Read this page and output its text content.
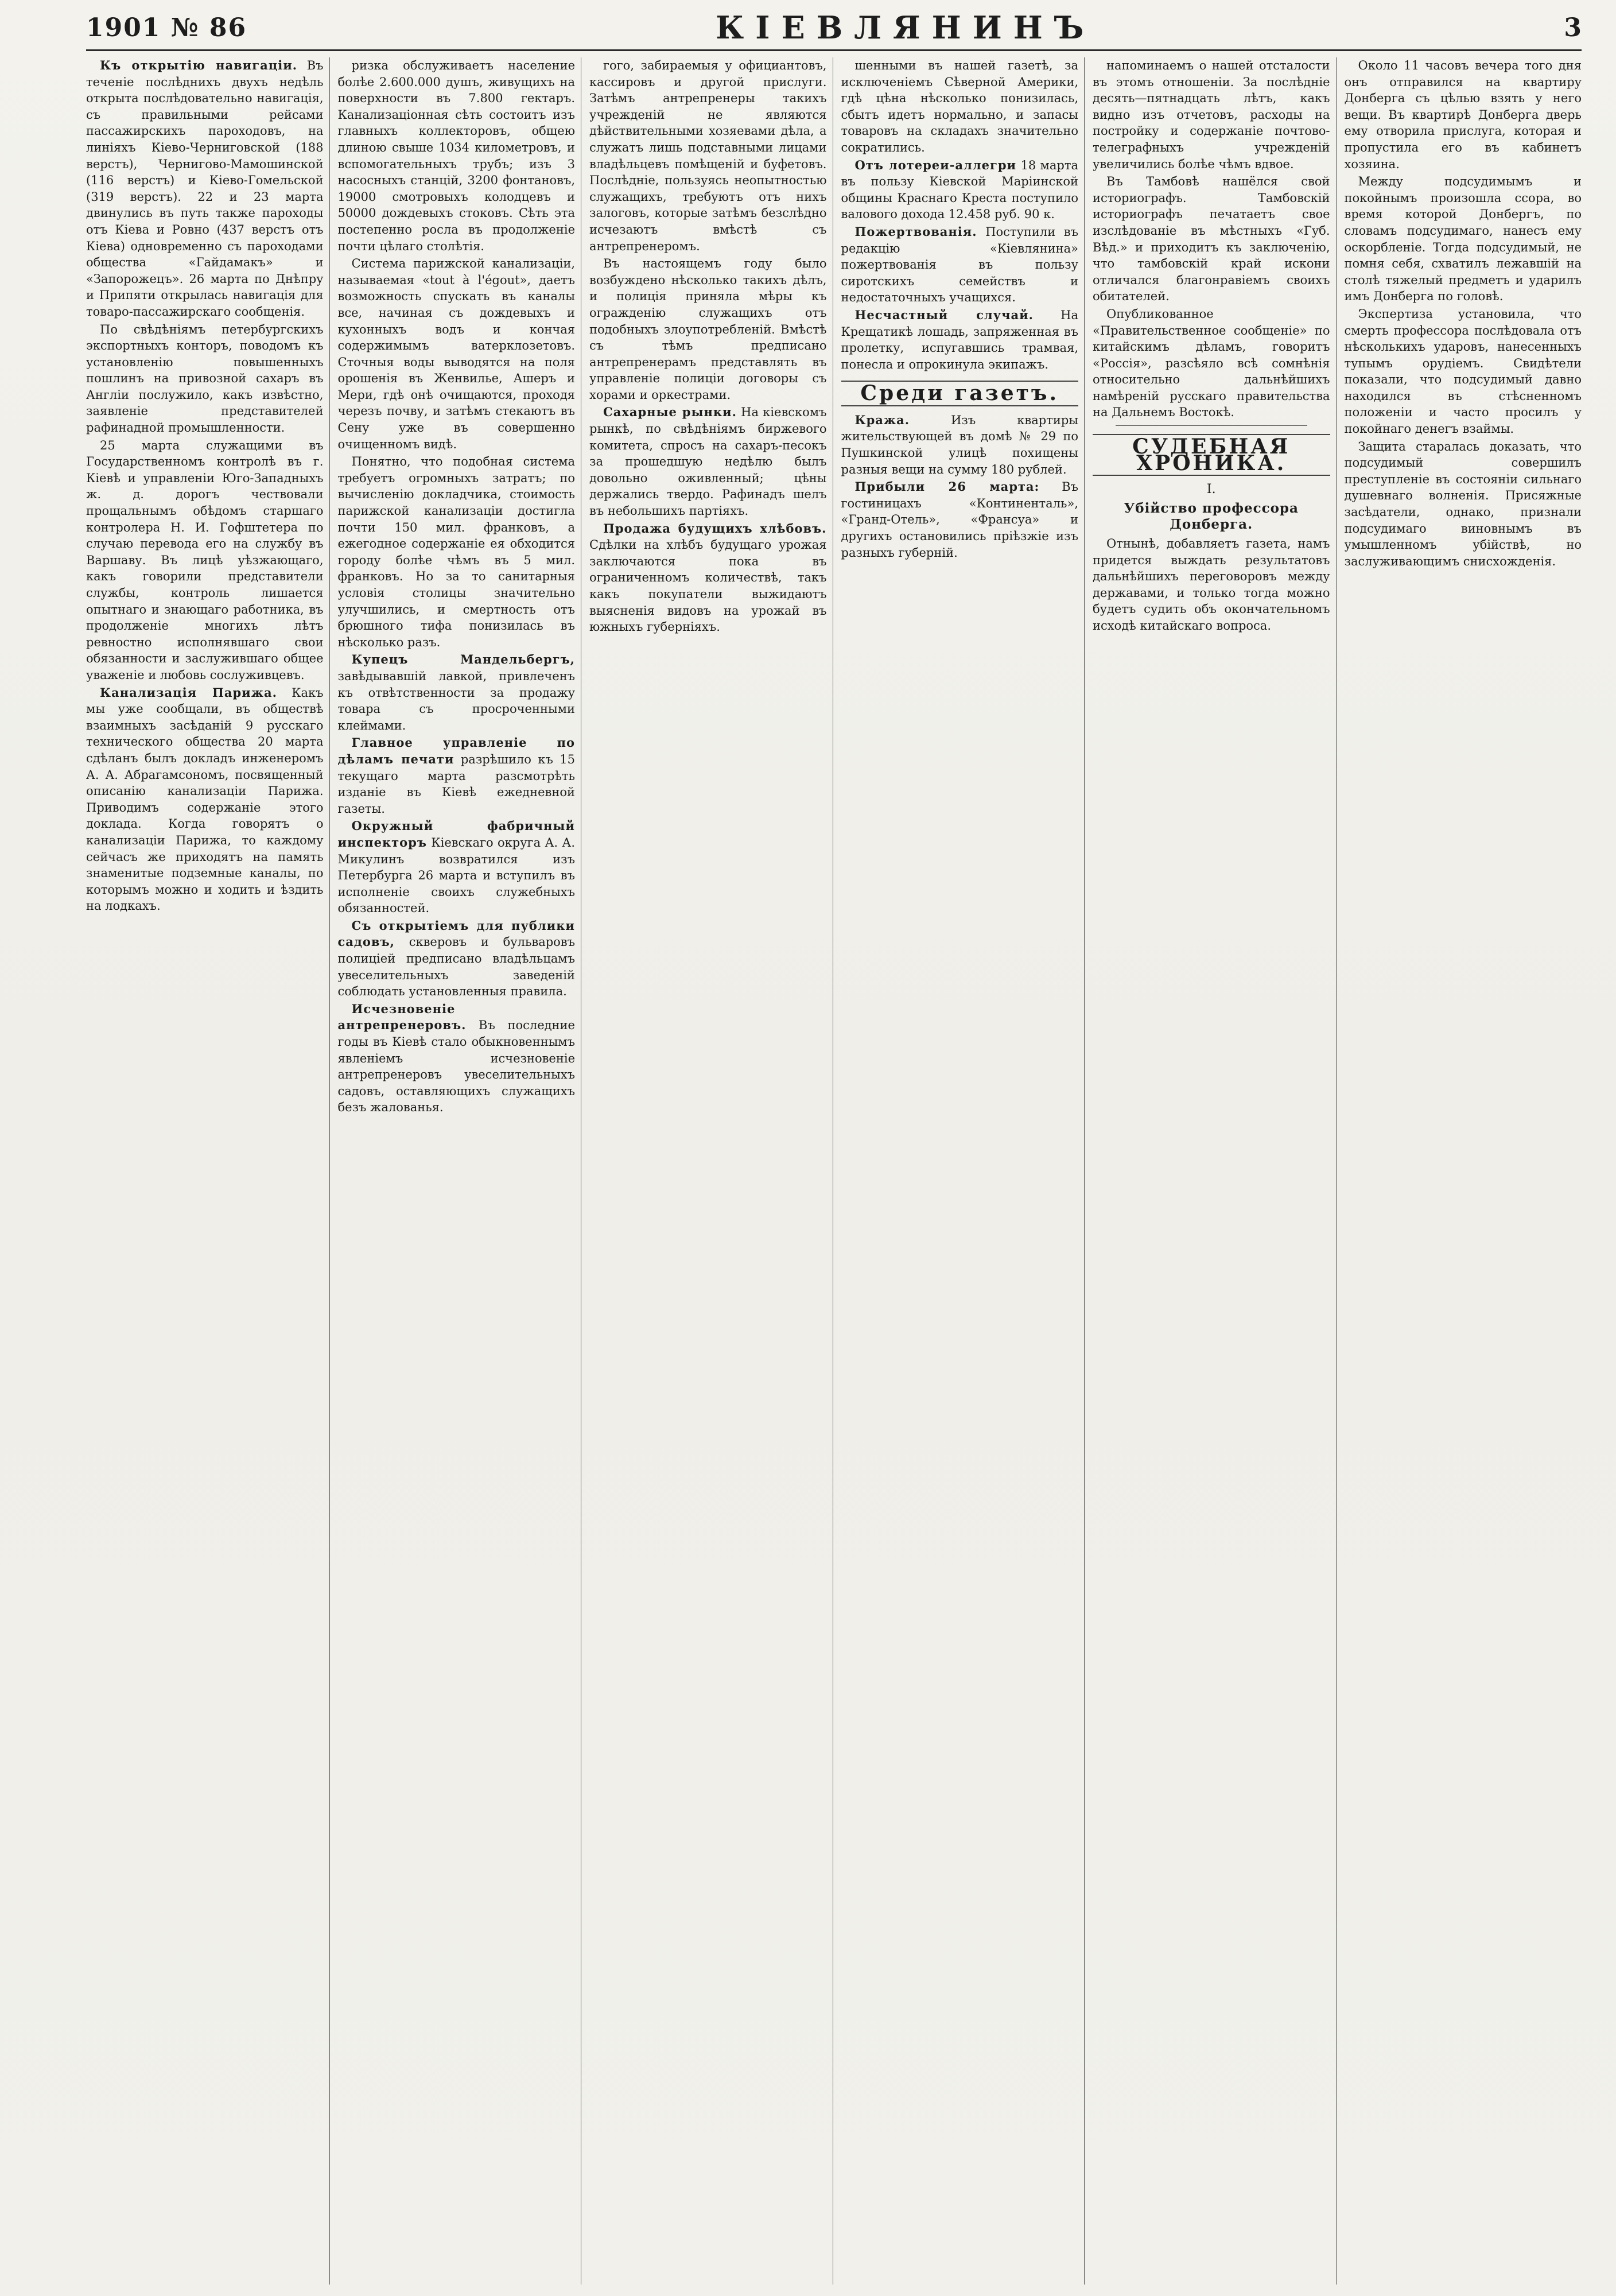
1901 № 86	КІЕВЛЯНИНЪ	3

Къ открытію навигаціи. Въ теченіе послѣднихъ двухъ недѣль открыта послѣдовательно навигація, съ правильными рейсами пассажирскихъ пароходовъ, на линіяхъ Кіево-Черниговской (188 верстъ), Чернигово-Мамошинской (116 верстъ) и Кіево-Гомельской (319 верстъ). 22 и 23 марта двинулись въ путь также пароходы отъ Кіева и Ровно (437 верстъ отъ Кіева) одновременно съ пароходами общества «Гайдамакъ» и «Запорожецъ». 26 марта по Днѣпру и Припяти открылась навигація для товаро-пассажирскаго сообщенія.

По свѣдѣніямъ петербургскихъ экспортныхъ конторъ, поводомъ къ установленію повышенныхъ пошлинъ на привозной сахаръ въ Англіи послужило, какъ извѣстно, заявленіе представителей рафинадной промышленности.

25 марта служащими въ Государственномъ контролѣ въ г. Кіевѣ и управленіи Юго-Западныхъ ж. д. дорогъ чествовали прощальнымъ обѣдомъ старшаго контролера Н. И. Гофштетера по случаю перевода его на службу въ Варшаву. Въ лицѣ уѣзжающаго, какъ говорили представители службы, контроль лишается опытнаго и знающаго работника, въ продолженіе многихъ лѣтъ ревностно исполнявшаго свои обязанности и заслужившаго общее уваженіе и любовь сослуживцевъ.

Канализація Парижа. Какъ мы уже сообщали, въ обществѣ взаимныхъ засѣданій 9 русскаго технического общества 20 марта сдѣланъ былъ докладъ инженеромъ А. А. Абрагамсономъ, посвященный описанію канализаціи Парижа. Приводимъ содержаніе этого доклада. Когда говорятъ о канализаціи Парижа, то каждому сейчасъ же приходятъ на память знаменитые подземные каналы, по которымъ можно и ходить и ѣздить на лодкахъ.

ризка обслуживаетъ население болѣе 2.600.000 душъ, живущихъ на поверхности въ 7.800 гектаръ. Канализаціонная сѣть состоитъ изъ главныхъ коллекторовъ, общею длиною свыше 1034 километровъ, и вспомогательныхъ трубъ; изъ 3 насосныхъ станцій, 3200 фонтановъ, 19000 смотровыхъ колодцевъ и 50000 дождевыхъ стоковъ. Сѣть эта постепенно росла въ продолженіе почти цѣлаго столѣтія.

Система парижской канализаціи, называемая «tout à l'égout», даетъ возможность спускать въ каналы все, начиная съ дождевыхъ и кухонныхъ водъ и кончая содержимымъ ватерклозетовъ. Сточныя воды выводятся на поля орошенія въ Женвилье, Ашеръ и Мери, гдѣ онѣ очищаются, проходя черезъ почву, и затѣмъ стекаютъ въ Сену уже въ совершенно очищенномъ видѣ.

Понятно, что подобная система требуетъ огромныхъ затратъ; по вычисленію докладчика, стоимость парижской канализаціи достигла почти 150 мил. франковъ, а ежегодное содержаніе ея обходится городу болѣе чѣмъ въ 5 мил. франковъ. Но за то санитарныя условія столицы значительно улучшились, и смертность отъ брюшного тифа понизилась въ нѣсколько разъ.

Купецъ Мандельбергъ, завѣдывавшій лавкой, привлеченъ къ отвѣтственности за продажу товара съ просроченными клеймами.

Главное управленіе по дѣламъ печати разрѣшило къ 15 текущаго марта разсмотрѣть изданіе въ Кіевѣ ежедневной газеты.

Окружный фабричный инспекторъ Кіевскаго округа А. А. Микулинъ возвратился изъ Петербурга 26 марта и вступилъ въ исполненіе своихъ служебныхъ обязанностей.

Съ открытіемъ для публики садовъ, скверовъ и бульваровъ полиціей предписано владѣльцамъ увеселительныхъ заведеній соблюдать установленныя правила.

Исчезновеніе антрепренеровъ. Въ последние годы въ Кіевѣ стало обыкновеннымъ явленіемъ исчезновеніе антрепренеровъ увеселительныхъ садовъ, оставляющихъ служащихъ безъ жалованья.

гого, забираемыя у официантовъ, кассировъ и другой прислуги. Затѣмъ антрепренеры такихъ учрежденій не являются дѣйствительными хозяевами дѣла, а служатъ лишь подставными лицами владѣльцевъ помѣщеній и буфетовъ. Послѣдніе, пользуясь неопытностью служащихъ, требуютъ отъ нихъ залоговъ, которые затѣмъ безслѣдно исчезаютъ вмѣстѣ съ антрепренеромъ.

Въ настоящемъ году было возбуждено нѣсколько такихъ дѣлъ, и полиція приняла мѣры къ огражденію служащихъ отъ подобныхъ злоупотребленій. Вмѣстѣ съ тѣмъ предписано антрепренерамъ представлять въ управленіе полиціи договоры съ хорами и оркестрами.

Сахарные рынки. На кіевскомъ рынкѣ, по свѣдѣніямъ биржевого комитета, спросъ на сахаръ-песокъ за прошедшую недѣлю былъ довольно оживленный; цѣны держались твердо. Рафинадъ шелъ въ небольшихъ партіяхъ.

Продажа будущихъ хлѣбовъ. Сдѣлки на хлѣбъ будущаго урожая заключаются пока въ ограниченномъ количествѣ, такъ какъ покупатели выжидаютъ выясненія видовъ на урожай въ южныхъ губерніяхъ.

шенными въ нашей газетѣ, за исключеніемъ Сѣверной Америки, гдѣ цѣна нѣсколько понизилась, сбытъ идетъ нормально, и запасы товаровъ на складахъ значительно сократились.

Отъ лотереи-аллегри 18 марта въ пользу Кіевской Маріинской общины Краснаго Креста поступило валового дохода 12.458 руб. 90 к.

Пожертвованія. Поступили въ редакцію «Кіевлянина» пожертвованія въ пользу сиротскихъ семействъ и недостаточныхъ учащихся.

Несчастный случай. На Крещатикѣ лошадь, запряженная въ пролетку, испугавшись трамвая, понесла и опрокинула экипажъ.

Среди газетъ.

Кража.	Изъ квартиры жительствующей въ домѣ № 29 по Пушкинской улицѣ похищены разныя вещи на сумму 180 рублей.

Прибыли 26 марта: Въ гостиницахъ «Континенталь», «Гранд-Отель», «Франсуа» и другихъ остановились пріѣзжіе изъ разныхъ губерній.

напоминаемъ о нашей отсталости въ этомъ отношеніи. За послѣдніе десять—пятнадцать лѣтъ, какъ видно изъ отчетовъ, расходы на постройку и содержаніе почтово-телеграфныхъ учрежденій увеличились болѣе чѣмъ вдвое.

Въ Тамбовѣ нашёлся свой историографъ. Тамбовскій историографъ печатаетъ свое изслѣдованіе въ мѣстныхъ «Губ. Вѣд.» и приходитъ къ заключенію, что тамбовскій край искони отличался благонравіемъ своихъ обитателей.

Опубликованное «Правительственное сообщеніе» по китайскимъ дѣламъ, говоритъ «Россія», разсѣяло всѣ сомнѣнія относительно дальнѣйшихъ намѣреній русскаго правительства на Дальнемъ Востокѣ.

СУДЕБНАЯ ХРОНИКА.
I.
Убійство профессора Донберга.

Отнынѣ, добавляетъ газета, намъ придется выждать результатовъ дальнѣйшихъ переговоровъ между державами, и только тогда можно будетъ судить объ окончательномъ исходѣ китайскаго вопроса.

Около 11 часовъ вечера того дня онъ отправился на квартиру Донберга съ цѣлью взять у него вещи. Въ квартирѣ Донберга дверь ему отворила прислуга, которая и пропустила его въ кабинетъ хозяина.

Между подсудимымъ и покойнымъ произошла ссора, во время которой Донбергъ, по словамъ подсудимаго, нанесъ ему оскорбленіе. Тогда подсудимый, не помня себя, схватилъ лежавшій на столѣ тяжелый предметъ и ударилъ имъ Донберга по головѣ.

Экспертиза установила, что смерть профессора послѣдовала отъ нѣсколькихъ ударовъ, нанесенныхъ тупымъ орудіемъ. Свидѣтели показали, что подсудимый давно находился въ стѣсненномъ положеніи и часто просилъ у покойнаго денегъ взаймы.

Защита старалась доказать, что подсудимый совершилъ преступленіе въ состояніи сильнаго душевнаго волненія. Присяжные засѣдатели, однако, признали подсудимаго виновнымъ въ умышленномъ убійствѣ, но заслуживающимъ снисхожденія.
